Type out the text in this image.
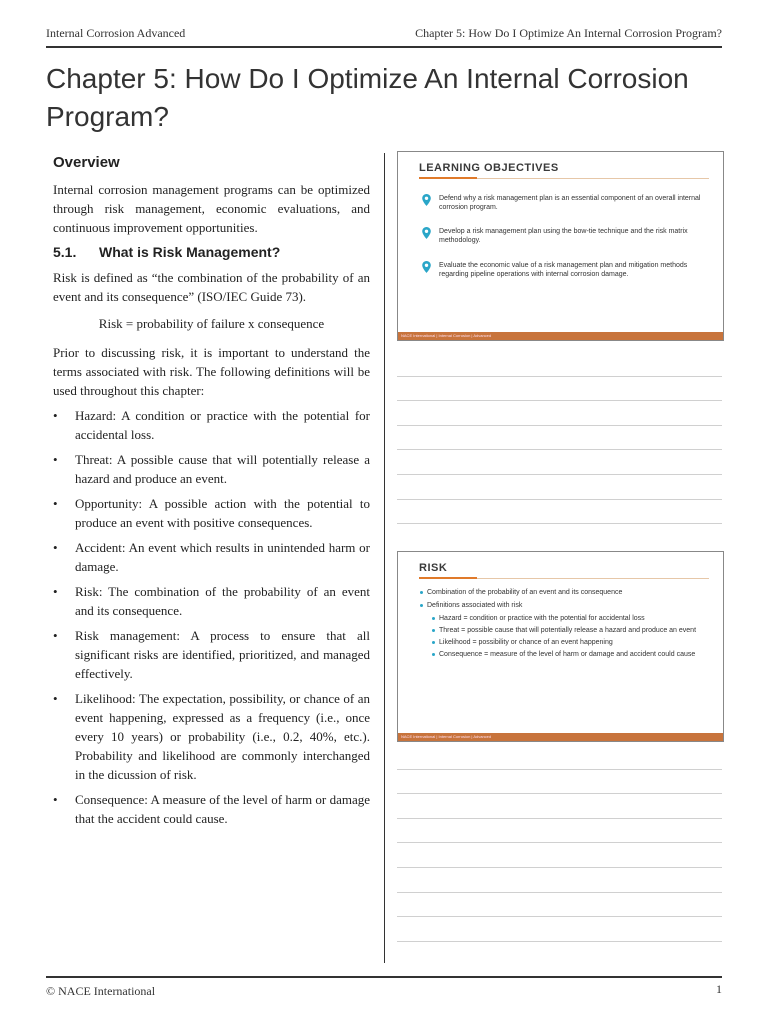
Internal Corrosion Advanced	Chapter 5: How Do I Optimize An Internal Corrosion Program?
Chapter 5: How Do I Optimize An Internal Corrosion Program?
Overview

Internal corrosion management programs can be optimized through risk management, economic evaluations, and continuous improvement opportunities.

5.1. What is Risk Management?

Risk is defined as “the combination of the probability of an event and its consequence” (ISO/IEC Guide 73).

Risk = probability of failure x consequence

Prior to discussing risk, it is important to understand the terms associated with risk. The following definitions will be used throughout this chapter:

• Hazard: A condition or practice with the potential for accidental loss.
• Threat: A possible cause that will potentially release a hazard and produce an event.
• Opportunity: A possible action with the potential to produce an event with positive consequences.
• Accident: An event which results in unintended harm or damage.
• Risk: The combination of the probability of an event and its consequence.
• Risk management: A process to ensure that all significant risks are identified, prioritized, and managed effectively.
• Likelihood: The expectation, possibility, or chance of an event happening, expressed as a frequency (i.e., once every 10 years) or probability (i.e., 0.2, 40%, etc.). Probability and likelihood are commonly interchanged in the dicussion of risk.
• Consequence: A measure of the level of harm or damage that the accident could cause.
LEARNING OBJECTIVES
Defend why a risk management plan is an essential component of an overall internal corrosion program.
Develop a risk management plan using the bow-tie technique and the risk matrix methodology.
Evaluate the economic value of a risk management plan and mitigation methods regarding pipeline operations with internal corrosion damage.
NACE International | Internal Corrosion | Advanced
RISK
Combination of the probability of an event and its consequence
Definitions associated with risk
Hazard = condition or practice with the potential for accidental loss
Threat = possible cause that will potentially release a hazard and produce an event
Likelihood = possibility or chance of an event happening
Consequence = measure of the level of harm or damage and accident could cause
NACE International | Internal Corrosion | Advanced
© NACE International	1
